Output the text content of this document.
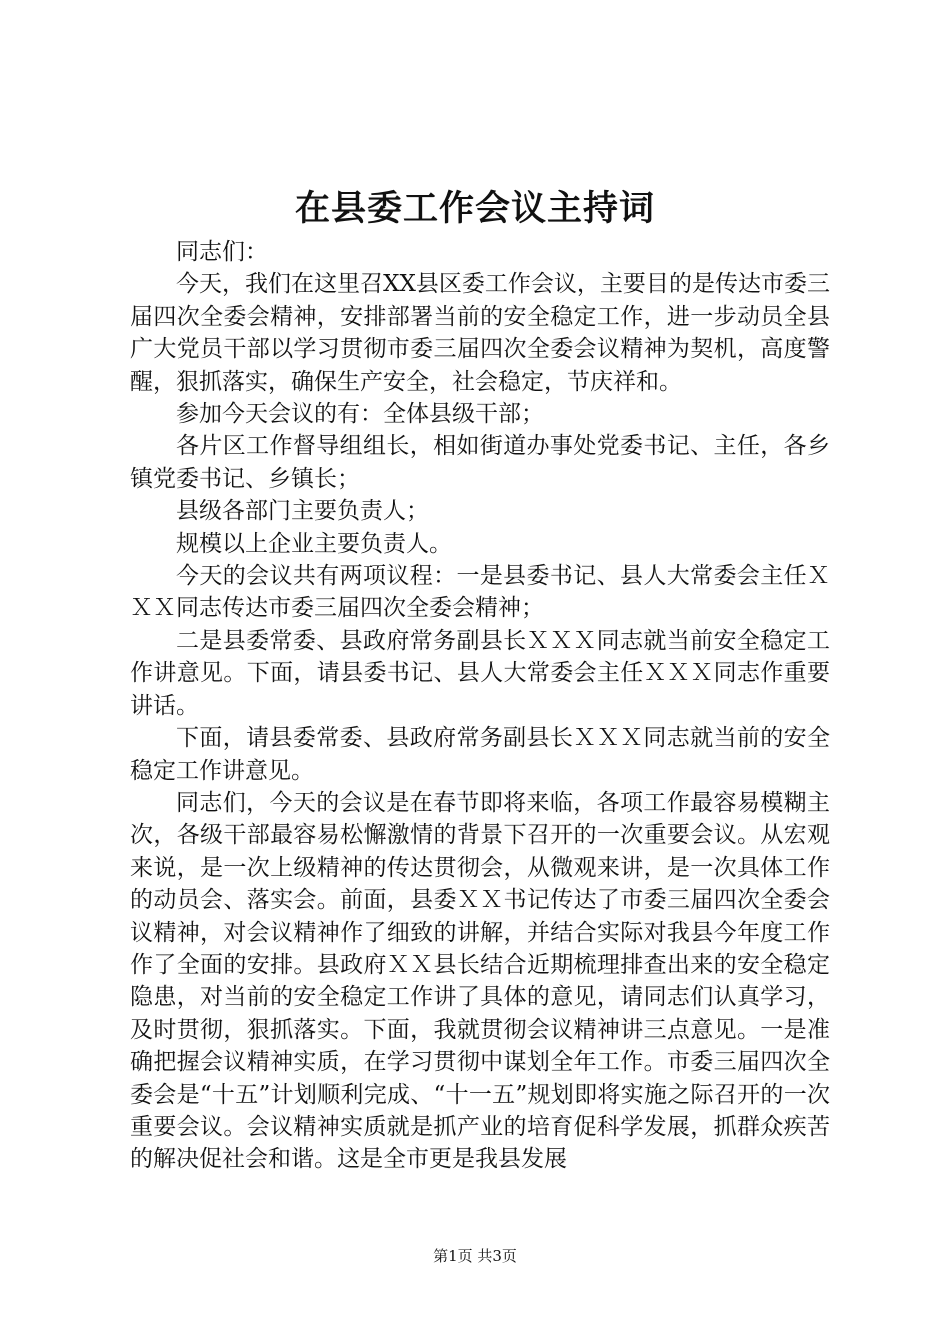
在县委工作会议主持词

同志们：

今天，我们在这里召XX县区委工作会议，主要目的是传达市委三届四次全委会精神，安排部署当前的安全稳定工作，进一步动员全县广大党员干部以学习贯彻市委三届四次全委会议精神为契机，高度警醒，狠抓落实，确保生产安全，社会稳定，节庆祥和。

参加今天会议的有：全体县级干部；

各片区工作督导组组长，相如街道办事处党委书记、主任，各乡镇党委书记、乡镇长；

县级各部门主要负责人；

规模以上企业主要负责人。

今天的会议共有两项议程：一是县委书记、县人大常委会主任ＸＸＸ同志传达市委三届四次全委会精神；

二是县委常委、县政府常务副县长ＸＸＸ同志就当前安全稳定工作讲意见。下面，请县委书记、县人大常委会主任ＸＸＸ同志作重要讲话。

下面，请县委常委、县政府常务副县长ＸＸＸ同志就当前的安全稳定工作讲意见。

同志们，今天的会议是在春节即将来临，各项工作最容易模糊主次，各级干部最容易松懈激情的背景下召开的一次重要会议。从宏观来说，是一次上级精神的传达贯彻会，从微观来讲，是一次具体工作的动员会、落实会。前面，县委ＸＸ书记传达了市委三届四次全委会议精神，对会议精神作了细致的讲解，并结合实际对我县今年度工作作了全面的安排。县政府ＸＸ县长结合近期梳理排查出来的安全稳定隐患，对当前的安全稳定工作讲了具体的意见，请同志们认真学习，及时贯彻，狠抓落实。下面，我就贯彻会议精神讲三点意见。一是准确把握会议精神实质，在学习贯彻中谋划全年工作。市委三届四次全委会是“十五”计划顺利完成、“十一五”规划即将实施之际召开的一次重要会议。会议精神实质就是抓产业的培育促科学发展，抓群众疾苦的解决促社会和谐。这是全市更是我县发展

第1页 共3页
